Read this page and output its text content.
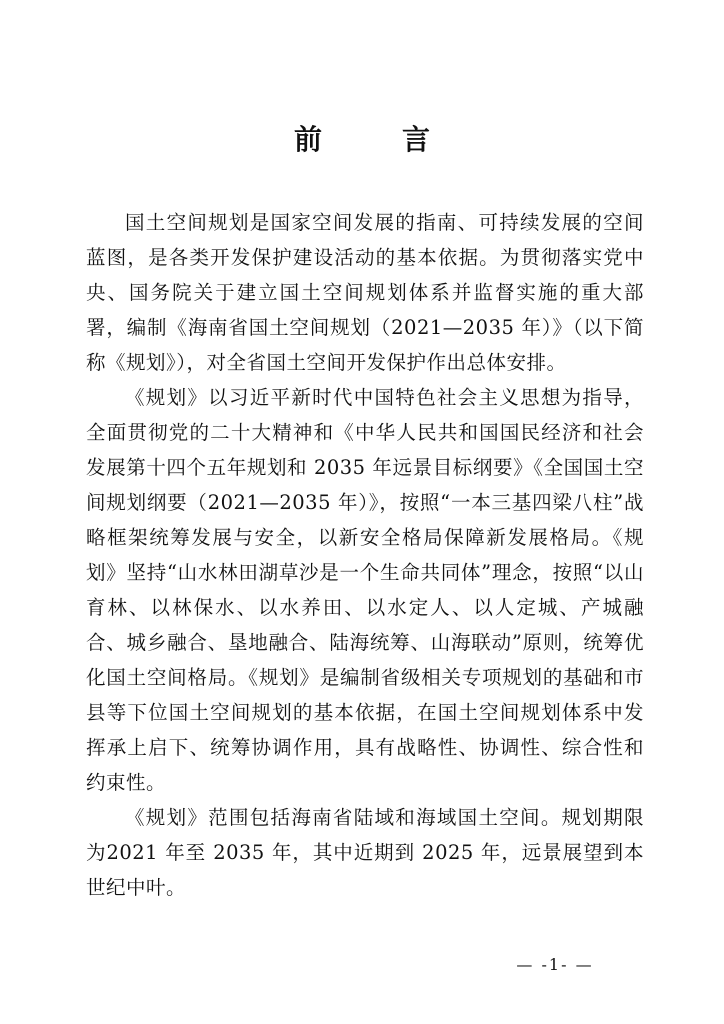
前　言

国土空间规划是国家空间发展的指南、可持续发展的空间蓝图，是各类开发保护建设活动的基本依据。为贯彻落实党中央、国务院关于建立国土空间规划体系并监督实施的重大部署，编制《海南省国土空间规划（2021—2035 年）》（以下简称《规划》），对全省国土空间开发保护作出总体安排。

《规划》以习近平新时代中国特色社会主义思想为指导，全面贯彻党的二十大精神和《中华人民共和国国民经济和社会发展第十四个五年规划和 2035 年远景目标纲要》《全国国土空间规划纲要（2021—2035 年）》，按照“一本三基四梁八柱”战略框架统筹发展与安全，以新安全格局保障新发展格局。《规划》坚持“山水林田湖草沙是一个生命共同体”理念，按照“以山育林、以林保水、以水养田、以水定人、以人定城、产城融合、城乡融合、垦地融合、陆海统筹、山海联动”原则，统筹优化国土空间格局。《规划》是编制省级相关专项规划的基础和市县等下位国土空间规划的基本依据，在国土空间规划体系中发挥承上启下、统筹协调作用，具有战略性、协调性、综合性和约束性。

《规划》范围包括海南省陆域和海域国土空间。规划期限为2021 年至 2035 年，其中近期到 2025 年，远景展望到本世纪中叶。

— -1- —
